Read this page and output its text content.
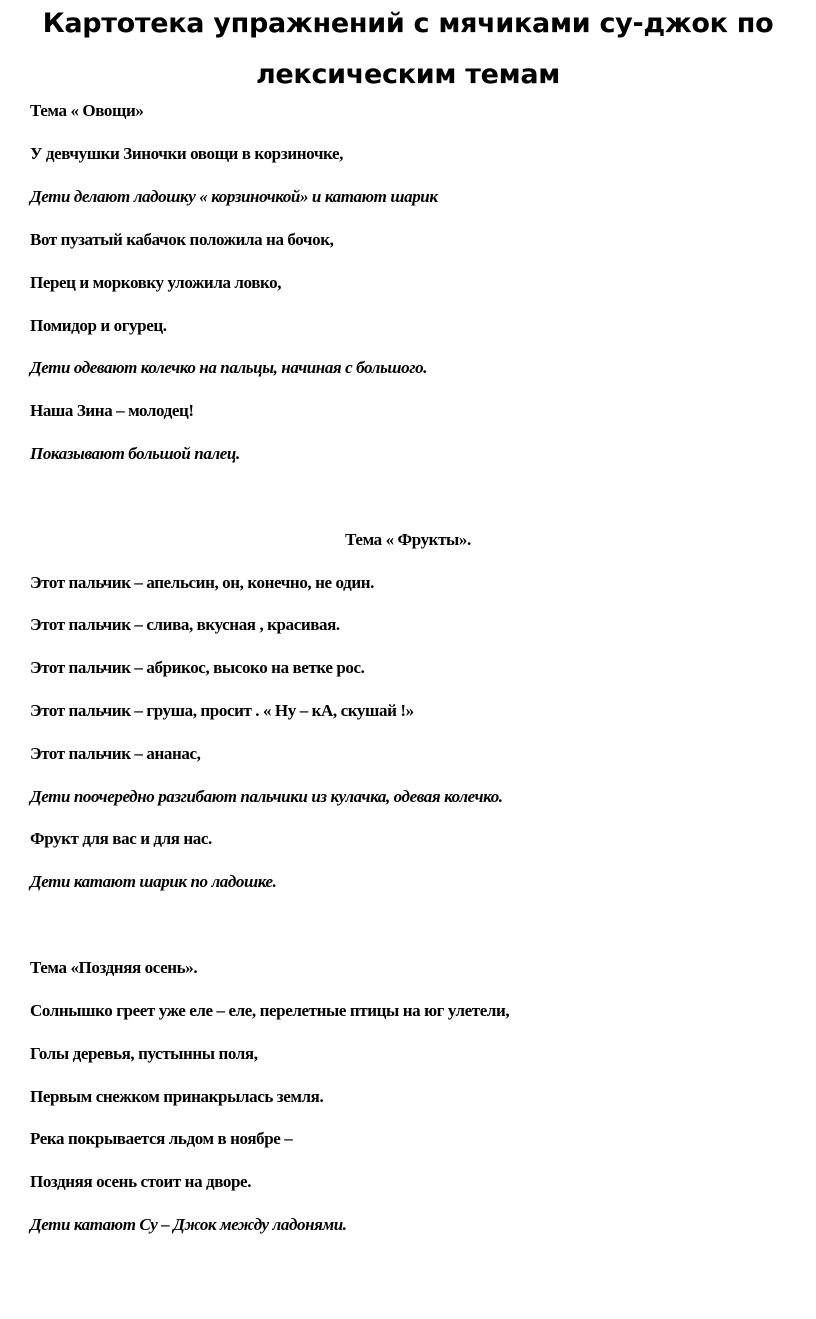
Картотека упражнений с мячиками су-джок по
лексическим темам

Тема « Овощи»

У девчушки Зиночки овощи в корзиночке,

Дети делают ладошку « корзиночкой» и катают шарик

Вот пузатый кабачок положила на бочок,

Перец и морковку уложила ловко,

Помидор и огурец.

Дети одевают колечко на пальцы, начиная с большого.

Наша Зина – молодец!

Показывают большой палец.

Тема « Фрукты».

Этот пальчик – апельсин, он, конечно, не один.

Этот пальчик – слива, вкусная , красивая.

Этот пальчик – абрикос, высоко на ветке рос.

Этот пальчик – груша, просит . « Ну – кА, скушай !»

Этот пальчик – ананас,

Дети поочередно разгибают пальчики из кулачка, одевая колечко.

Фрукт для вас и для нас.

Дети катают шарик по ладошке.

Тема «Поздняя осень».

Солнышко греет уже еле – еле, перелетные птицы на юг улетели,

Голы деревья, пустынны поля,

Первым снежком принакрылась земля.

Река покрывается льдом в ноябре –

Поздняя осень стоит на дворе.

Дети катают Су – Джок между ладонями.
